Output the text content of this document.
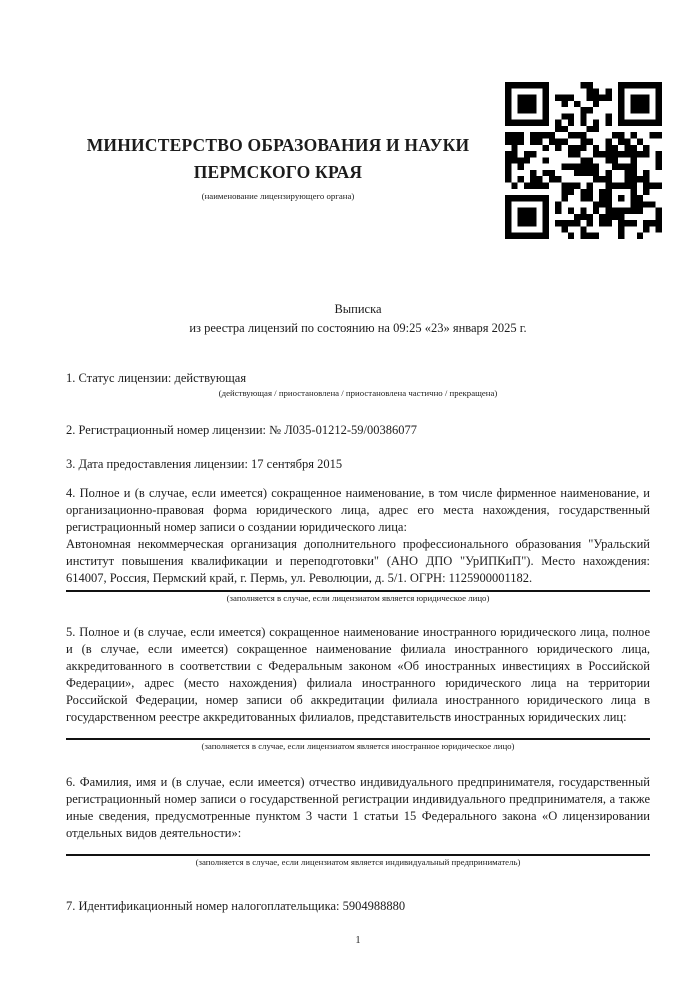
МИНИСТЕРСТВО ОБРАЗОВАНИЯ И НАУКИ
ПЕРМСКОГО КРАЯ
(наименование лицензирующего органа)

Выписка

из реестра лицензий по состоянию на 09:25 «23» января 2025 г.

1. Статус лицензии: действующая

(действующая / приостановлена / приостановлена частично / прекращена)

2. Регистрационный номер лицензии: № Л035-01212-59/00386077

3. Дата предоставления лицензии: 17 сентября 2015

4. Полное и (в случае, если имеется) сокращенное наименование, в том числе фирменное наименование, и организационно-правовая форма юридического лица, адрес его места нахождения, государственный регистрационный номер записи о создании юридического лица:

Автономная некоммерческая организация дополнительного профессионального образования "Уральский институт повышения квалификации и переподготовки" (АНО ДПО "УрИПКиП"). Место нахождения: 614007, Россия, Пермский край, г. Пермь, ул. Революции, д. 5/1. ОГРН: 1125900001182.

(заполняется в случае, если лицензиатом является юридическое лицо)

5. Полное и (в случае, если имеется) сокращенное наименование иностранного юридического лица, полное и (в случае, если имеется) сокращенное наименование филиала иностранного юридического лица, аккредитованного в соответствии с Федеральным законом «Об иностранных инвестициях в Российской Федерации», адрес (место нахождения) филиала иностранного юридического лица на территории Российской Федерации, номер записи об аккредитации филиала иностранного юридического лица в государственном реестре аккредитованных филиалов, представительств иностранных юридических лиц:

(заполняется в случае, если лицензиатом является иностранное юридическое лицо)

6. Фамилия, имя и (в случае, если имеется) отчество индивидуального предпринимателя, государственный регистрационный номер записи о государственной регистрации индивидуального предпринимателя, а также иные сведения, предусмотренные пунктом 3 части 1 статьи 15 Федерального закона «О лицензировании отдельных видов деятельности»:

(заполняется в случае, если лицензиатом является индивидуальный предприниматель)

7. Идентификационный номер налогоплательщика: 5904988880

1
